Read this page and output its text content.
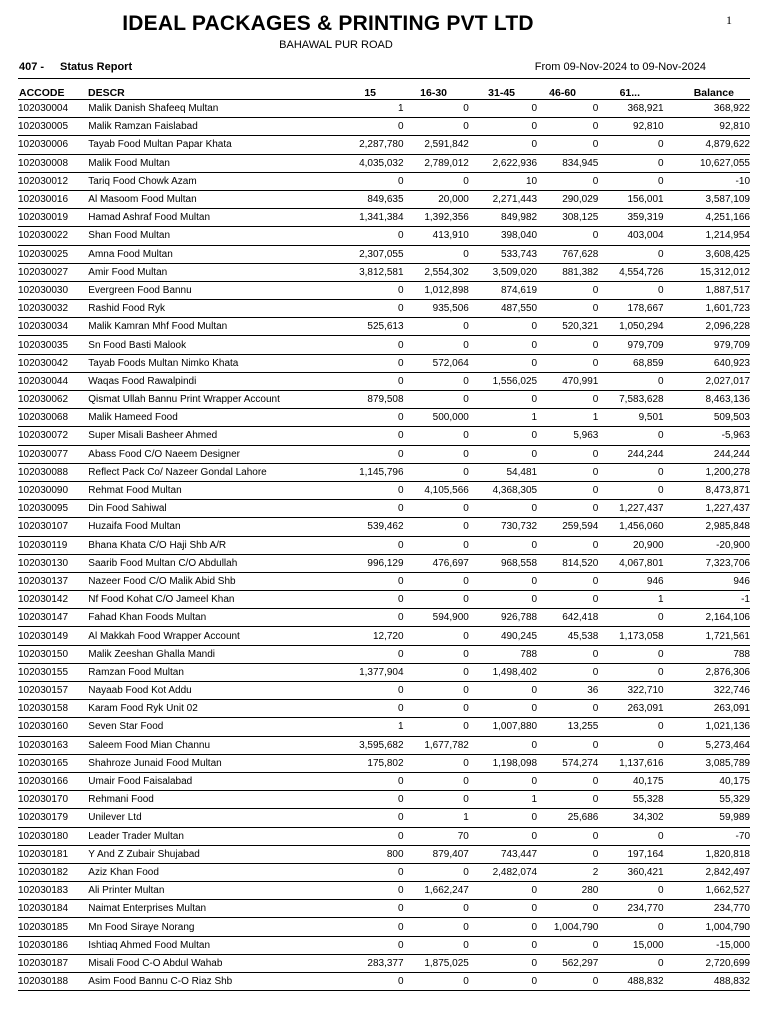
IDEAL PACKAGES & PRINTING PVT LTD
BAHAWAL PUR ROAD
1
407 - Status Report	From 09-Nov-2024 to 09-Nov-2024
ACCODE DESCR	15	16-30	31-45	46-60	61...	Balance
102030004	Malik Danish Shafeeq Multan	1	0	0	0	368,921	368,922
102030005	Malik Ramzan Faislabad	0	0	0	0	92,810	92,810
102030006	Tayab Food Multan Papar Khata	2,287,780	2,591,842	0	0	0	4,879,622
102030008	Malik Food Multan	4,035,032	2,789,012	2,622,936	834,945	0	10,627,055
102030012	Tariq Food Chowk Azam	0	0	10	0	0	-10
102030016	Al Masoom Food Multan	849,635	20,000	2,271,443	290,029	156,001	3,587,109
102030019	Hamad Ashraf Food Multan	1,341,384	1,392,356	849,982	308,125	359,319	4,251,166
102030022	Shan Food Multan	0	413,910	398,040	0	403,004	1,214,954
102030025	Amna Food Multan	2,307,055	0	533,743	767,628	0	3,608,425
102030027	Amir Food Multan	3,812,581	2,554,302	3,509,020	881,382	4,554,726	15,312,012
102030030	Evergreen Food Bannu	0	1,012,898	874,619	0	0	1,887,517
102030032	Rashid Food Ryk	0	935,506	487,550	0	178,667	1,601,723
102030034	Malik Kamran Mhf Food Multan	525,613	0	0	520,321	1,050,294	2,096,228
102030035	Sn Food Basti Malook	0	0	0	0	979,709	979,709
102030042	Tayab Foods Multan Nimko Khata	0	572,064	0	0	68,859	640,923
102030044	Waqas Food Rawalpindi	0	0	1,556,025	470,991	0	2,027,017
102030062	Qismat Ullah Bannu Print Wrapper Account	879,508	0	0	0	7,583,628	8,463,136
102030068	Malik Hameed Food	0	500,000	1	1	9,501	509,503
102030072	Super Misali Basheer Ahmed	0	0	0	5,963	0	-5,963
102030077	Abass Food C/O Naeem Designer	0	0	0	0	244,244	244,244
102030088	Reflect Pack Co/ Nazeer Gondal Lahore	1,145,796	0	54,481	0	0	1,200,278
102030090	Rehmat Food Multan	0	4,105,566	4,368,305	0	0	8,473,871
102030095	Din Food Sahiwal	0	0	0	0	1,227,437	1,227,437
102030107	Huzaifa Food Multan	539,462	0	730,732	259,594	1,456,060	2,985,848
102030119	Bhana Khata C/O Haji Shb A/R	0	0	0	0	20,900	-20,900
102030130	Saarib Food Multan C/O Abdullah	996,129	476,697	968,558	814,520	4,067,801	7,323,706
102030137	Nazeer Food C/O Malik Abid Shb	0	0	0	0	946	946
102030142	Nf Food Kohat C/O Jameel Khan	0	0	0	0	1	-1
102030147	Fahad Khan Foods Multan	0	594,900	926,788	642,418	0	2,164,106
102030149	Al Makkah Food Wrapper Account	12,720	0	490,245	45,538	1,173,058	1,721,561
102030150	Malik Zeeshan Ghalla Mandi	0	0	788	0	0	788
102030155	Ramzan Food Multan	1,377,904	0	1,498,402	0	0	2,876,306
102030157	Nayaab Food Kot Addu	0	0	0	36	322,710	322,746
102030158	Karam Food Ryk Unit 02	0	0	0	0	263,091	263,091
102030160	Seven Star Food	1	0	1,007,880	13,255	0	1,021,136
102030163	Saleem Food Mian Channu	3,595,682	1,677,782	0	0	0	5,273,464
102030165	Shahroze Junaid Food Multan	175,802	0	1,198,098	574,274	1,137,616	3,085,789
102030166	Umair Food Faisalabad	0	0	0	0	40,175	40,175
102030170	Rehmani Food	0	0	1	0	55,328	55,329
102030179	Unilever Ltd	0	1	0	25,686	34,302	59,989
102030180	Leader Trader Multan	0	70	0	0	0	-70
102030181	Y And Z Zubair Shujabad	800	879,407	743,447	0	197,164	1,820,818
102030182	Aziz Khan Food	0	0	2,482,074	2	360,421	2,842,497
102030183	Ali Printer Multan	0	1,662,247	0	280	0	1,662,527
102030184	Naimat Enterprises Multan	0	0	0	0	234,770	234,770
102030185	Mn Food Siraye Norang	0	0	0	1,004,790	0	1,004,790
102030186	Ishtiaq Ahmed Food Multan	0	0	0	0	15,000	-15,000
102030187	Misali Food C-O Abdul Wahab	283,377	1,875,025	0	562,297	0	2,720,699
102030188	Asim Food Bannu C-O Riaz Shb	0	0	0	0	488,832	488,832
